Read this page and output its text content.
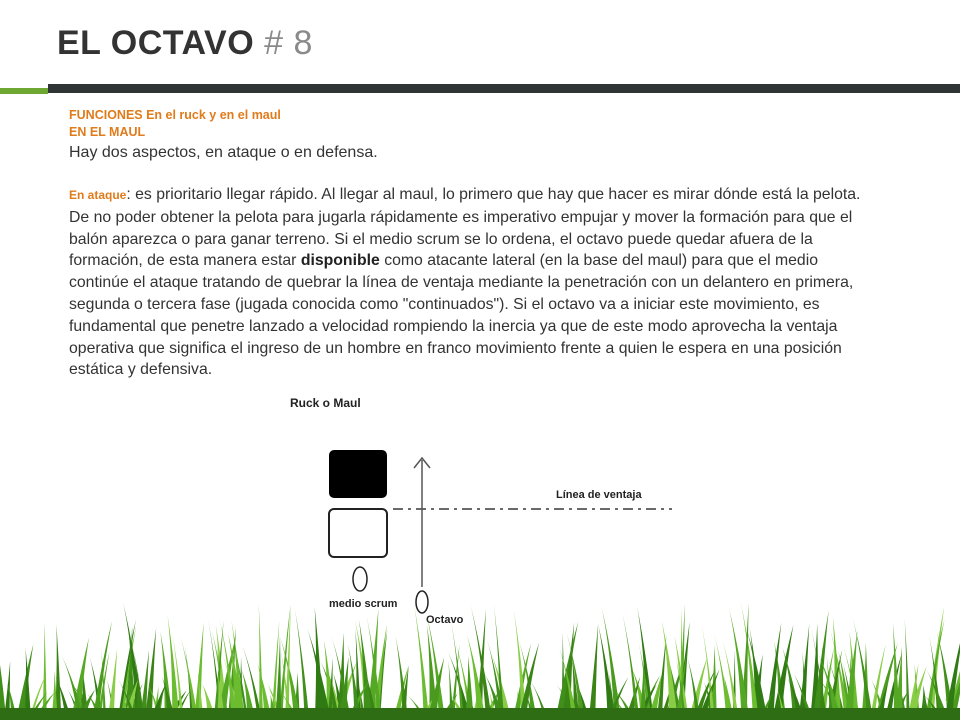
EL OCTAVO # 8
FUNCIONES En el ruck y en el maul
EN EL MAUL
Hay dos aspectos, en ataque o en defensa.
En ataque: es prioritario llegar rápido. Al llegar al maul, lo primero que hay que hacer es mirar dónde está la pelota. De no poder obtener la pelota para jugarla rápidamente es imperativo empujar y mover la formación para que el balón aparezca o para ganar terreno. Si el medio scrum se lo ordena, el octavo puede quedar afuera de la formación, de esta manera estar disponible como atacante lateral (en la base del maul) para que el medio continúe el ataque tratando de quebrar la línea de ventaja mediante la penetración con un delantero en primera, segunda o tercera fase (jugada conocida como "continuados"). Si el octavo va a iniciar este movimiento, es fundamental que penetre lanzado a velocidad rompiendo la inercia ya que de este modo aprovecha la ventaja operativa que significa el ingreso de un hombre en franco movimiento frente a quien le espera en una posición estática y defensiva.
Ruck o Maul
medio scrum
Octavo
Línea de ventaja
